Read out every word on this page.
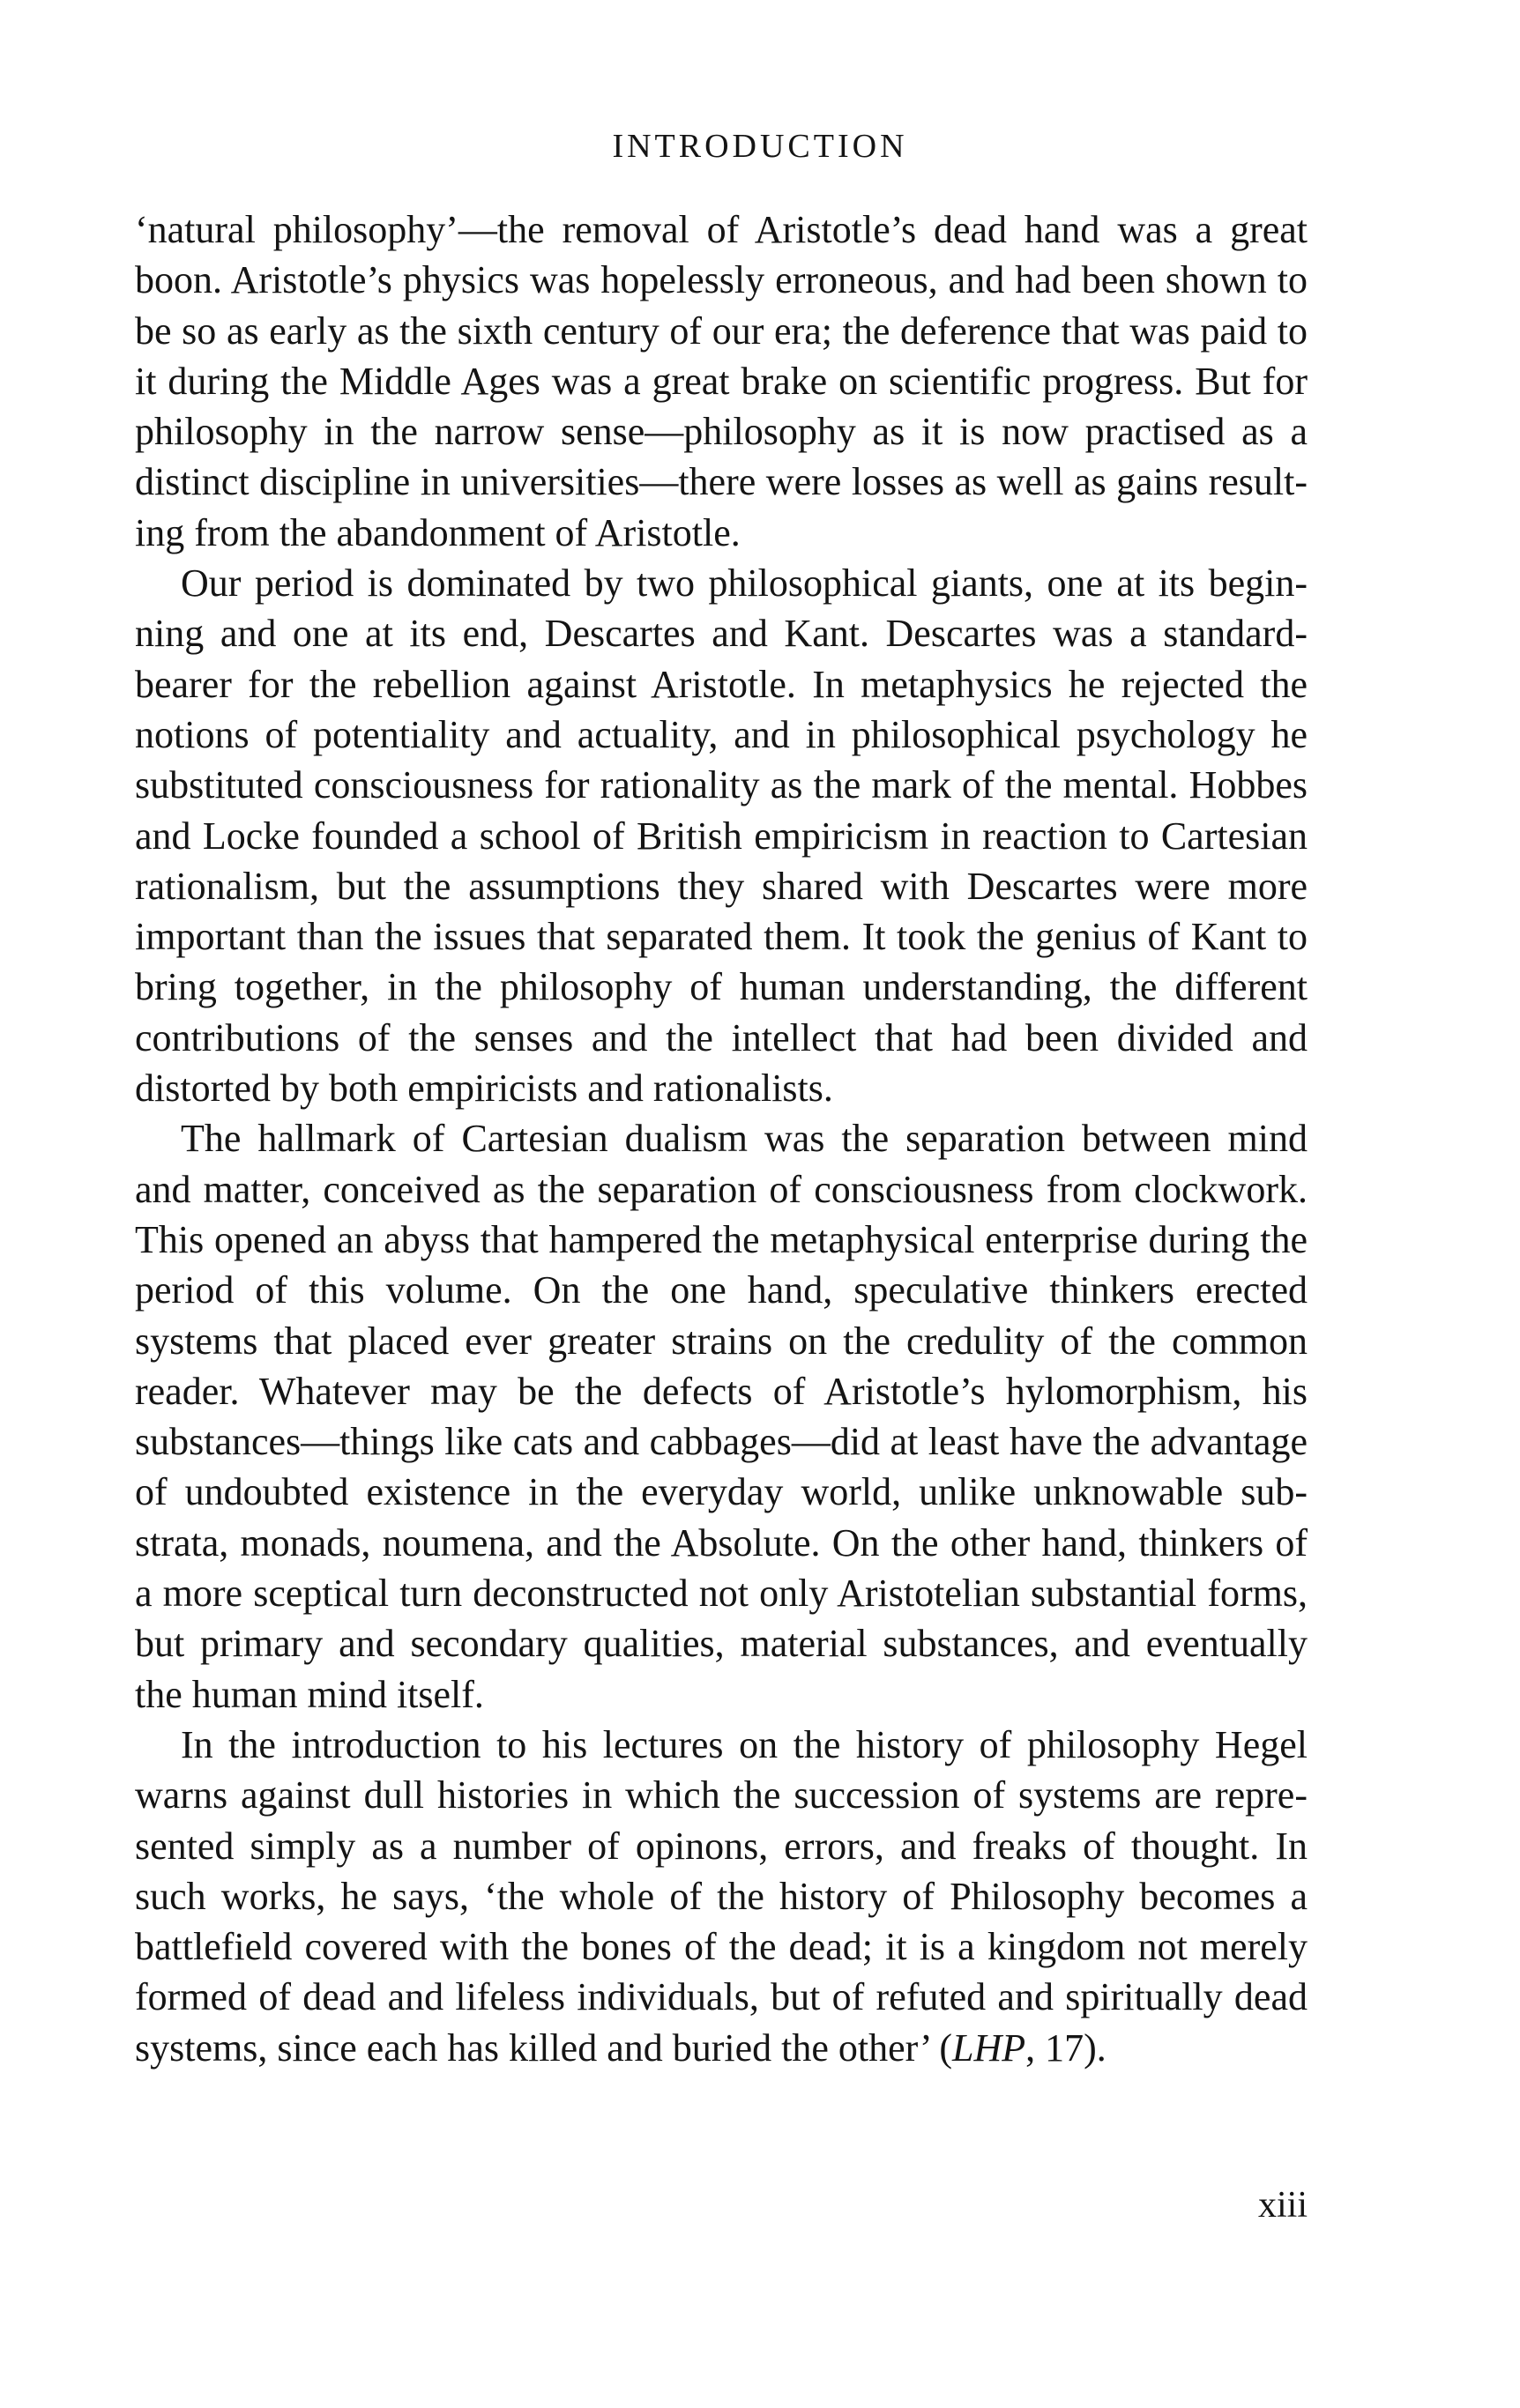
INTRODUCTION

‘natural philosophy’—the removal of Aristotle’s dead hand was a great boon. Aristotle’s physics was hopelessly erroneous, and had been shown to be so as early as the sixth century of our era; the deference that was paid to it during the Middle Ages was a great brake on scientific progress. But for philosophy in the narrow sense—philosophy as it is now practised as a distinct discipline in universities—there were losses as well as gains resulting from the abandonment of Aristotle.

Our period is dominated by two philosophical giants, one at its beginning and one at its end, Descartes and Kant. Descartes was a standard-bearer for the rebellion against Aristotle. In metaphysics he rejected the notions of potentiality and actuality, and in philosophical psychology he substituted consciousness for rationality as the mark of the mental. Hobbes and Locke founded a school of British empiricism in reaction to Cartesian rationalism, but the assumptions they shared with Descartes were more important than the issues that separated them. It took the genius of Kant to bring together, in the philosophy of human understanding, the different contributions of the senses and the intellect that had been divided and distorted by both empiricists and rationalists.

The hallmark of Cartesian dualism was the separation between mind and matter, conceived as the separation of consciousness from clockwork. This opened an abyss that hampered the metaphysical enterprise during the period of this volume. On the one hand, speculative thinkers erected systems that placed ever greater strains on the credulity of the common reader. Whatever may be the defects of Aristotle’s hylomorphism, his substances—things like cats and cabbages—did at least have the advantage of undoubted existence in the everyday world, unlike unknowable substrata, monads, noumena, and the Absolute. On the other hand, thinkers of a more sceptical turn deconstructed not only Aristotelian substantial forms, but primary and secondary qualities, material substances, and eventually the human mind itself.

In the introduction to his lectures on the history of philosophy Hegel warns against dull histories in which the succession of systems are represented simply as a number of opinons, errors, and freaks of thought. In such works, he says, ‘the whole of the history of Philosophy becomes a battlefield covered with the bones of the dead; it is a kingdom not merely formed of dead and lifeless individuals, but of refuted and spiritually dead systems, since each has killed and buried the other’ (LHP, 17).

xiii
